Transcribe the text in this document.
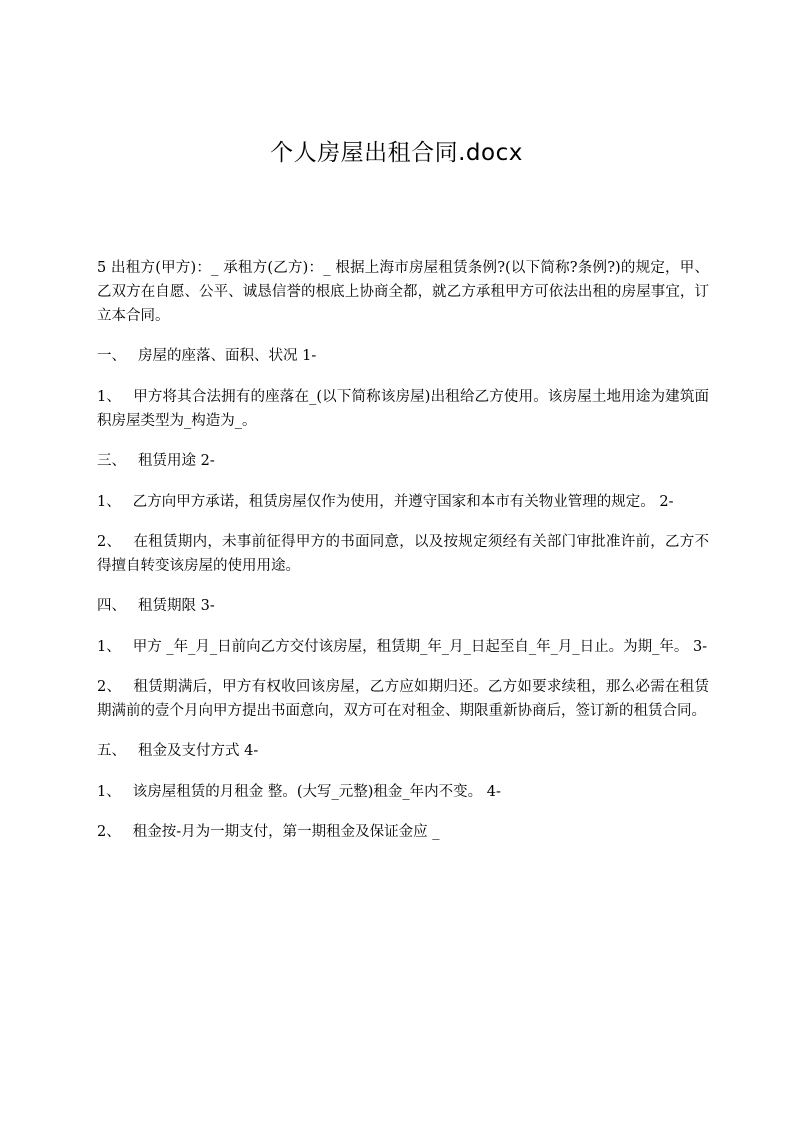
个人房屋出租合同.docx

5 出租方(甲方)：_ 承租方(乙方)：_ 根据上海市房屋租赁条例?(以下简称?条例?)的规定，甲、乙双方在自愿、公平、诚恳信誉的根底上协商全都，就乙方承租甲方可依法出租的房屋事宜，订立本合同。

一、 房屋的座落、面积、状况 1-

1、 甲方将其合法拥有的座落在_(以下简称该房屋)出租给乙方使用。该房屋土地用途为建筑面积房屋类型为_构造为_。

三、 租赁用途 2-

1、 乙方向甲方承诺，租赁房屋仅作为使用，并遵守国家和本市有关物业管理的规定。 2-

2、 在租赁期内，未事前征得甲方的书面同意，以及按规定须经有关部门审批准许前，乙方不得擅自转变该房屋的使用用途。

四、 租赁期限 3-

1、 甲方 _年_月_日前向乙方交付该房屋，租赁期_年_月_日起至自_年_月_日止。为期_年。 3-

2、 租赁期满后，甲方有权收回该房屋，乙方应如期归还。乙方如要求续租，那么必需在租赁期满前的壹个月向甲方提出书面意向，双方可在对租金、期限重新协商后，签订新的租赁合同。

五、 租金及支付方式 4-

1、 该房屋租赁的月租金 整。(大写_元整)租金_年内不变。 4-

2、 租金按-月为一期支付，第一期租金及保证金应 _
